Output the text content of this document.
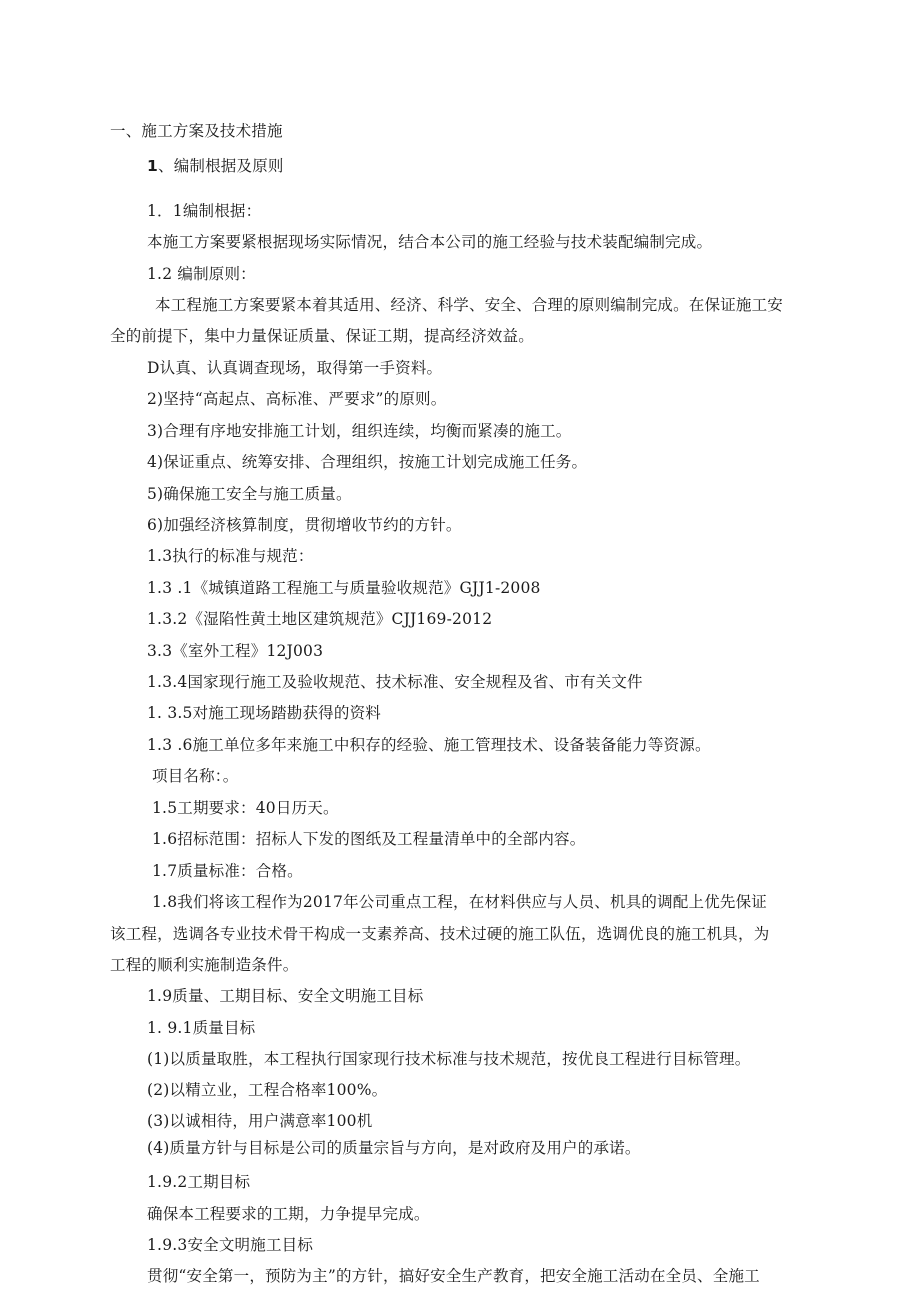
一、施工方案及技术措施
1、编制根据及原则
1．1编制根据：
本施工方案要紧根据现场实际情况，结合本公司的施工经验与技术装配编制完成。
1.2 编制原则：
本工程施工方案要紧本着其适用、经济、科学、安全、合理的原则编制完成。在保证施工安
全的前提下，集中力量保证质量、保证工期，提高经济效益。
D认真、认真调查现场，取得第一手资料。
2)坚持“高起点、高标准、严要求”的原则。
3)合理有序地安排施工计划，组织连续，均衡而紧凑的施工。
4)保证重点、统筹安排、合理组织，按施工计划完成施工任务。
5)确保施工安全与施工质量。
6)加强经济核算制度，贯彻增收节约的方针。
1.3执行的标准与规范：
1.3 .1《城镇道路工程施工与质量验收规范》GJJ1-2008
1.3.2《湿陷性黄土地区建筑规范》CJJ169-2012
3.3《室外工程》12J003
1.3.4国家现行施工及验收规范、技术标准、安全规程及省、市有关文件
1. 3.5对施工现场踏勘获得的资料
1.3 .6施工单位多年来施工中积存的经验、施工管理技术、设备装备能力等资源。
项目名称：。
1.5工期要求：40日历天。
1.6招标范围：招标人下发的图纸及工程量清单中的全部内容。
1.7质量标准：合格。
1.8我们将该工程作为2017年公司重点工程，在材料供应与人员、机具的调配上优先保证
该工程，选调各专业技术骨干构成一支素养高、技术过硬的施工队伍，选调优良的施工机具，为
工程的顺利实施制造条件。
1.9质量、工期目标、安全文明施工目标
1. 9.1质量目标
(1)以质量取胜，本工程执行国家现行技术标准与技术规范，按优良工程进行目标管理。
(2)以精立业，工程合格率100%。
(3)以诚相待，用户满意率100机
(4)质量方针与目标是公司的质量宗旨与方向，是对政府及用户的承诺。
1.9.2工期目标
确保本工程要求的工期，力争提早完成。
1.9.3安全文明施工目标
贯彻“安全第一，预防为主”的方针，搞好安全生产教育，把安全施工活动在全员、全施工
